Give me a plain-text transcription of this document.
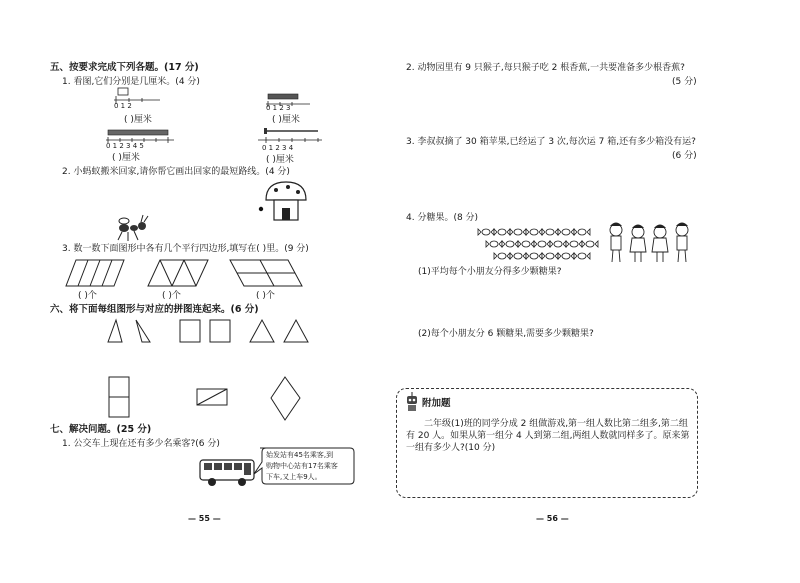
五、按要求完成下列各题。(17 分)
1. 看图,它们分别是几厘米。(4 分)
0 1 2
( )厘米
0 1 2 3
( )厘米
0 1 2 3 4 5
( )厘米
0 1 2 3 4
( )厘米
2. 小蚂蚁搬米回家,请你帮它画出回家的最短路线。(4 分)
3. 数一数下面图形中各有几个平行四边形,填写在( )里。(9 分)
( )个	( )个	( )个
六、将下面每组图形与对应的拼图连起来。(6 分)
七、解决问题。(25 分)
1. 公交车上现在还有多少名乘客?(6 分)
始发站有45名乘客,到
购物中心站有17名乘客
下车,又上车9人。
— 55 —
2. 动物园里有 9 只猴子,每只猴子吃 2 根香蕉,一共要准备多少根香蕉?
(5 分)
3. 李叔叔摘了 30 箱苹果,已经运了 3 次,每次运 7 箱,还有多少箱没有运?
(6 分)
4. 分糖果。(8 分)
(1)平均每个小朋友分得多少颗糖果?
(2)每个小朋友分 6 颗糖果,需要多少颗糖果?
附加题
二年级(1)班的同学分成 2 组做游戏,第一组人数比第二组多,第二组有 20 人。如果从第一组分 4 人到第二组,两组人数就同样多了。原来第一组有多少人?(10 分)
— 56 —
